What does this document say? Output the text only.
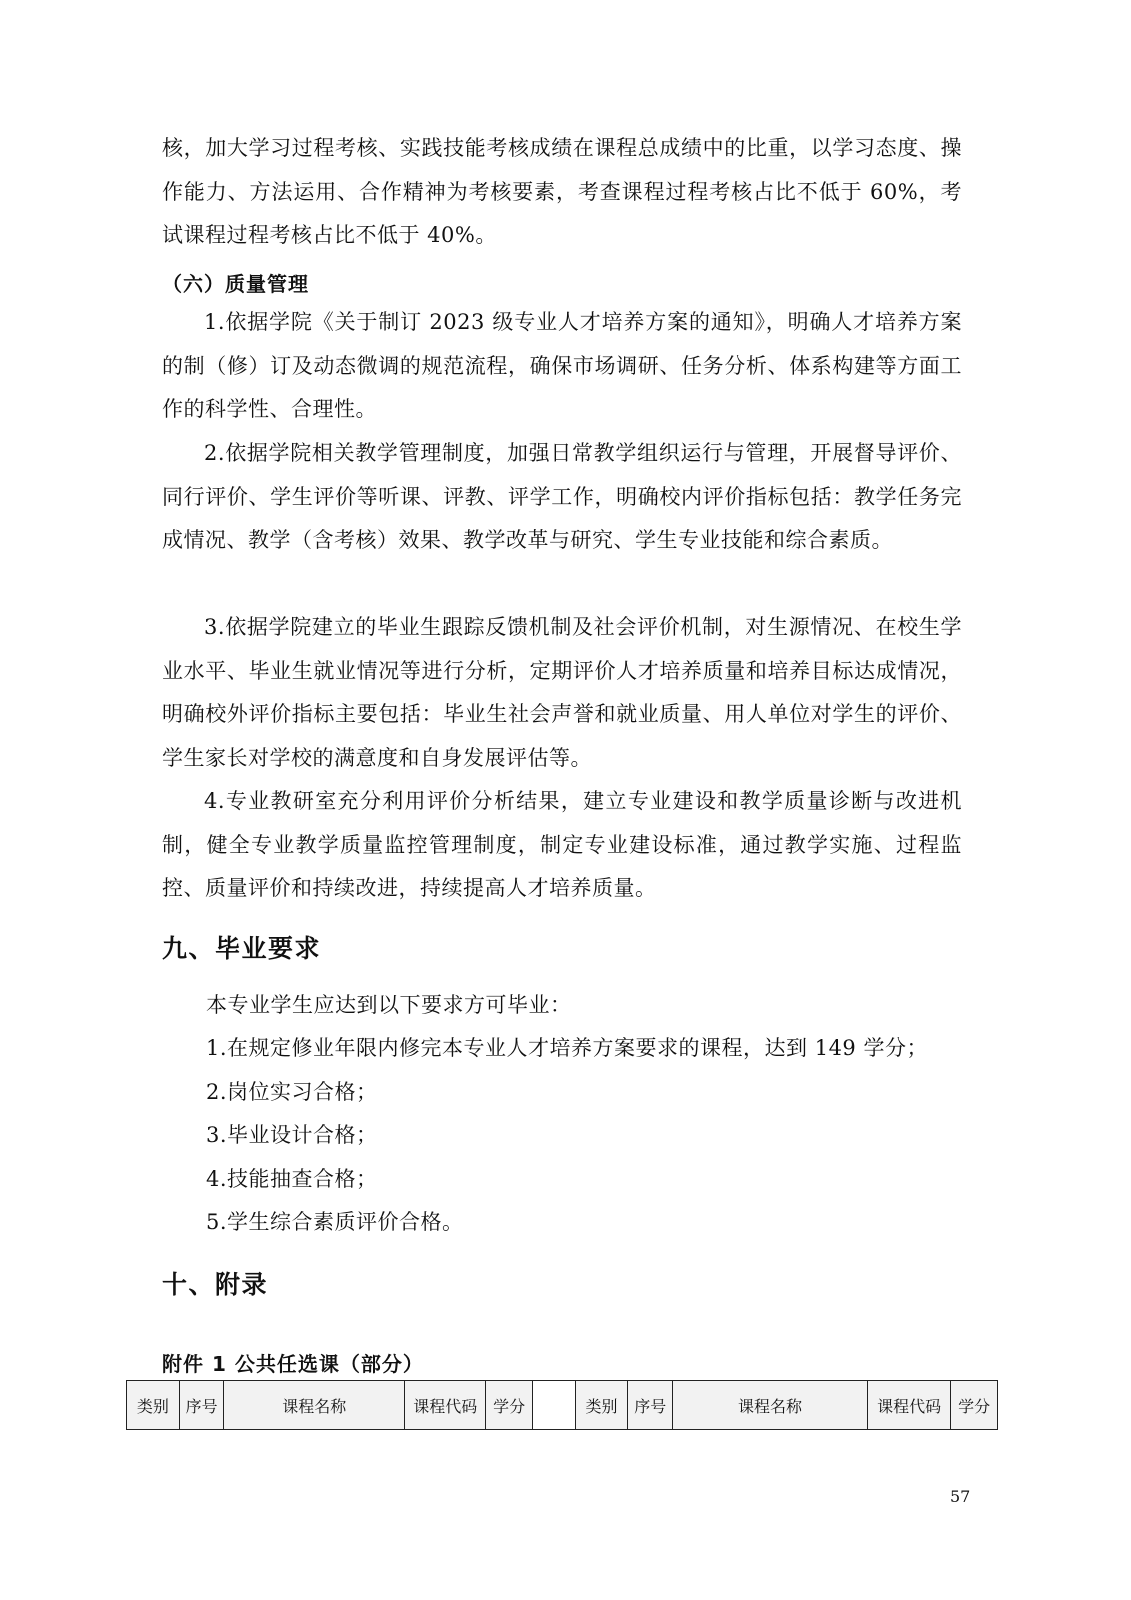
核，加大学习过程考核、实践技能考核成绩在课程总成绩中的比重，以学习态度、操作能力、方法运用、合作精神为考核要素，考查课程过程考核占比不低于 60%，考试课程过程考核占比不低于 40%。

（六）质量管理

1.依据学院《关于制订 2023 级专业人才培养方案的通知》，明确人才培养方案的制（修）订及动态微调的规范流程，确保市场调研、任务分析、体系构建等方面工作的科学性、合理性。

2.依据学院相关教学管理制度，加强日常教学组织运行与管理，开展督导评价、同行评价、学生评价等听课、评教、评学工作，明确校内评价指标包括：教学任务完成情况、教学（含考核）效果、教学改革与研究、学生专业技能和综合素质。

3.依据学院建立的毕业生跟踪反馈机制及社会评价机制，对生源情况、在校生学业水平、毕业生就业情况等进行分析，定期评价人才培养质量和培养目标达成情况，明确校外评价指标主要包括：毕业生社会声誉和就业质量、用人单位对学生的评价、学生家长对学校的满意度和自身发展评估等。

4.专业教研室充分利用评价分析结果，建立专业建设和教学质量诊断与改进机制，健全专业教学质量监控管理制度，制定专业建设标准，通过教学实施、过程监控、质量评价和持续改进，持续提高人才培养质量。

九、毕业要求

本专业学生应达到以下要求方可毕业：

1.在规定修业年限内修完本专业人才培养方案要求的课程，达到 149 学分；

2.岗位实习合格；

3.毕业设计合格；

4.技能抽查合格；

5.学生综合素质评价合格。

十、附录
附件 1 公共任选课（部分）
类别	序号	课程名称	课程代码	学分		类别	序号	课程名称	课程代码	学分
57
